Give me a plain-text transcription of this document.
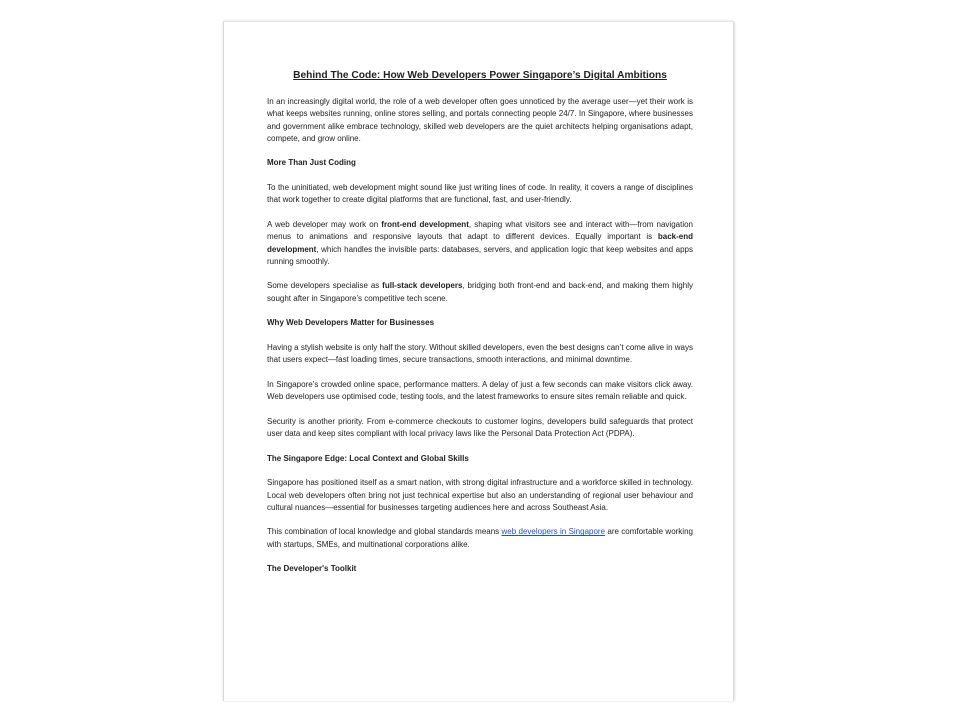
Behind The Code: How Web Developers Power Singapore’s Digital Ambitions

In an increasingly digital world, the role of a web developer often goes unnoticed by the average user—yet their work is what keeps websites running, online stores selling, and portals connecting people 24/7. In Singapore, where businesses and government alike embrace technology, skilled web developers are the quiet architects helping organisations adapt, compete, and grow online.

More Than Just Coding

To the uninitiated, web development might sound like just writing lines of code. In reality, it covers a range of disciplines that work together to create digital platforms that are functional, fast, and user-friendly.

A web developer may work on front-end development, shaping what visitors see and interact with—from navigation menus to animations and responsive layouts that adapt to different devices. Equally important is back-end development, which handles the invisible parts: databases, servers, and application logic that keep websites and apps running smoothly.

Some developers specialise as full-stack developers, bridging both front-end and back-end, and making them highly sought after in Singapore’s competitive tech scene.

Why Web Developers Matter for Businesses

Having a stylish website is only half the story. Without skilled developers, even the best designs can’t come alive in ways that users expect—fast loading times, secure transactions, smooth interactions, and minimal downtime.

In Singapore’s crowded online space, performance matters. A delay of just a few seconds can make visitors click away. Web developers use optimised code, testing tools, and the latest frameworks to ensure sites remain reliable and quick.

Security is another priority. From e-commerce checkouts to customer logins, developers build safeguards that protect user data and keep sites compliant with local privacy laws like the Personal Data Protection Act (PDPA).

The Singapore Edge: Local Context and Global Skills

Singapore has positioned itself as a smart nation, with strong digital infrastructure and a workforce skilled in technology. Local web developers often bring not just technical expertise but also an understanding of regional user behaviour and cultural nuances—essential for businesses targeting audiences here and across Southeast Asia.

This combination of local knowledge and global standards means web developers in Singapore are comfortable working with startups, SMEs, and multinational corporations alike.

The Developer's Toolkit
